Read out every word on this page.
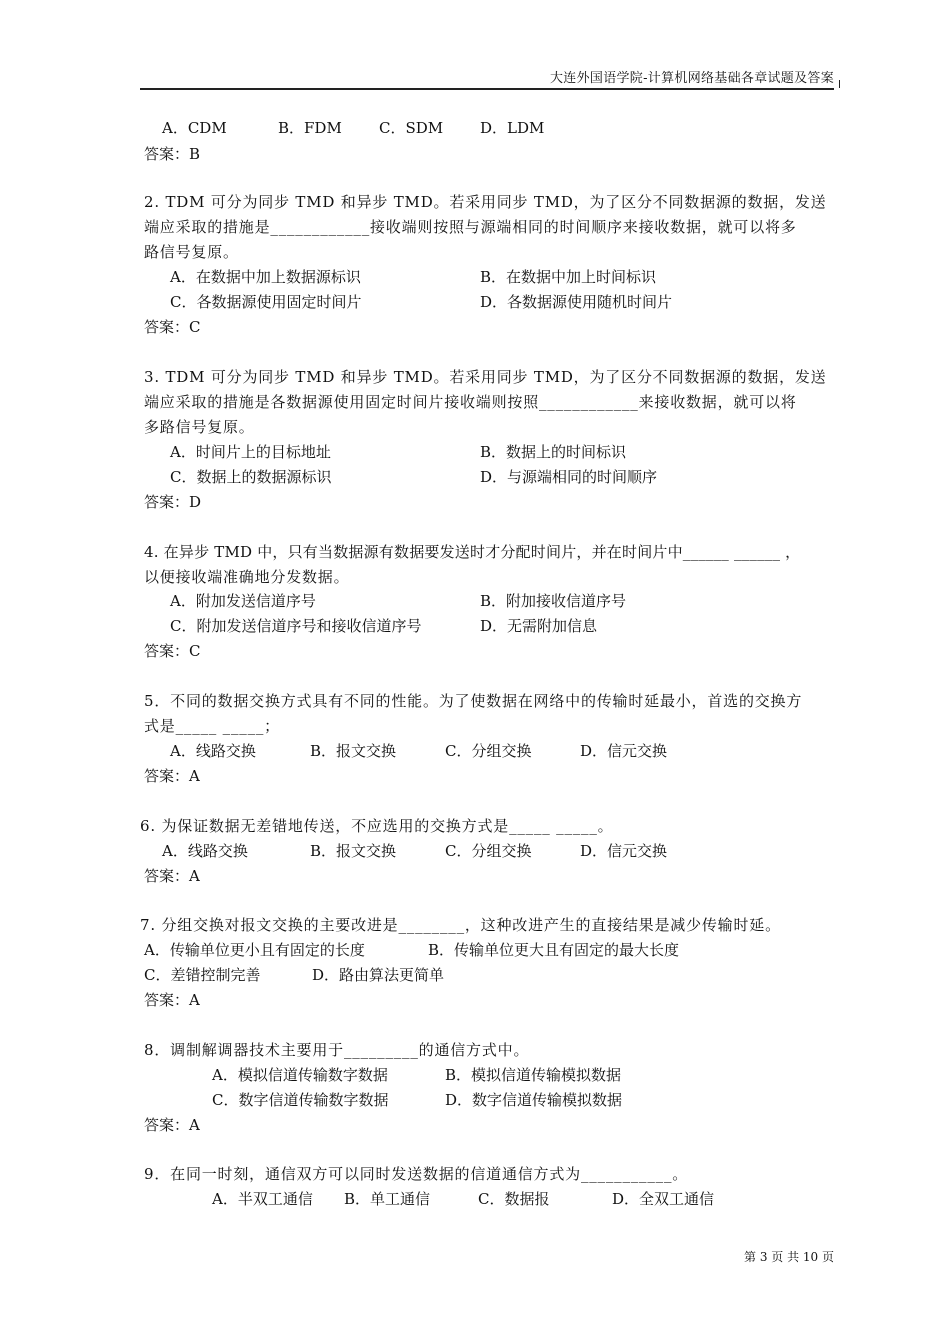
大连外国语学院-计算机网络基础各章试题及答案
A．CDM	B．FDM C．SDM D．LDM
答案：B
2. TDM 可分为同步 TMD 和异步 TMD。若采用同步 TMD，为了区分不同数据源的数据，发送
端应采取的措施是____________接收端则按照与源端相同的时间顺序来接收数据，就可以将多
路信号复原。
A．在数据中加上数据源标识	B．在数据中加上时间标识
C．各数据源使用固定时间片	D．各数据源使用随机时间片
答案：C
3. TDM 可分为同步 TMD 和异步 TMD。若采用同步 TMD，为了区分不同数据源的数据，发送
端应采取的措施是各数据源使用固定时间片接收端则按照____________来接收数据，就可以将
多路信号复原。
A．时间片上的目标地址	B．数据上的时间标识
C．数据上的数据源标识	D．与源端相同的时间顺序
答案：D
4. 在异步 TMD 中，只有当数据源有数据要发送时才分配时间片，并在时间片中______ ______ ，
以便接收端准确地分发数据。
A．附加发送信道序号	B．附加接收信道序号
C．附加发送信道序号和接收信道序号	D．无需附加信息
答案：C
5．不同的数据交换方式具有不同的性能。为了使数据在网络中的传输时延最小，首选的交换方
式是_____ _____；
A．线路交换	B．报文交换	C．分组交换	D．信元交换
答案：A
6. 为保证数据无差错地传送，不应选用的交换方式是_____ _____。
A．线路交换	B．报文交换	C．分组交换	D．信元交换
答案：A
7. 分组交换对报文交换的主要改进是________，这种改进产生的直接结果是减少传输时延。
A．传输单位更小且有固定的长度	B．传输单位更大且有固定的最大长度
C．差错控制完善	D．路由算法更简单
答案：A
8．调制解调器技术主要用于_________的通信方式中。
A．模拟信道传输数字数据	B．模拟信道传输模拟数据
C．数字信道传输数字数据	D．数字信道传输模拟数据
答案：A
9．在同一时刻，通信双方可以同时发送数据的信道通信方式为___________。
A．半双工通信 B．单工通信	C．数据报	D．全双工通信
第 3 页 共 10 页
